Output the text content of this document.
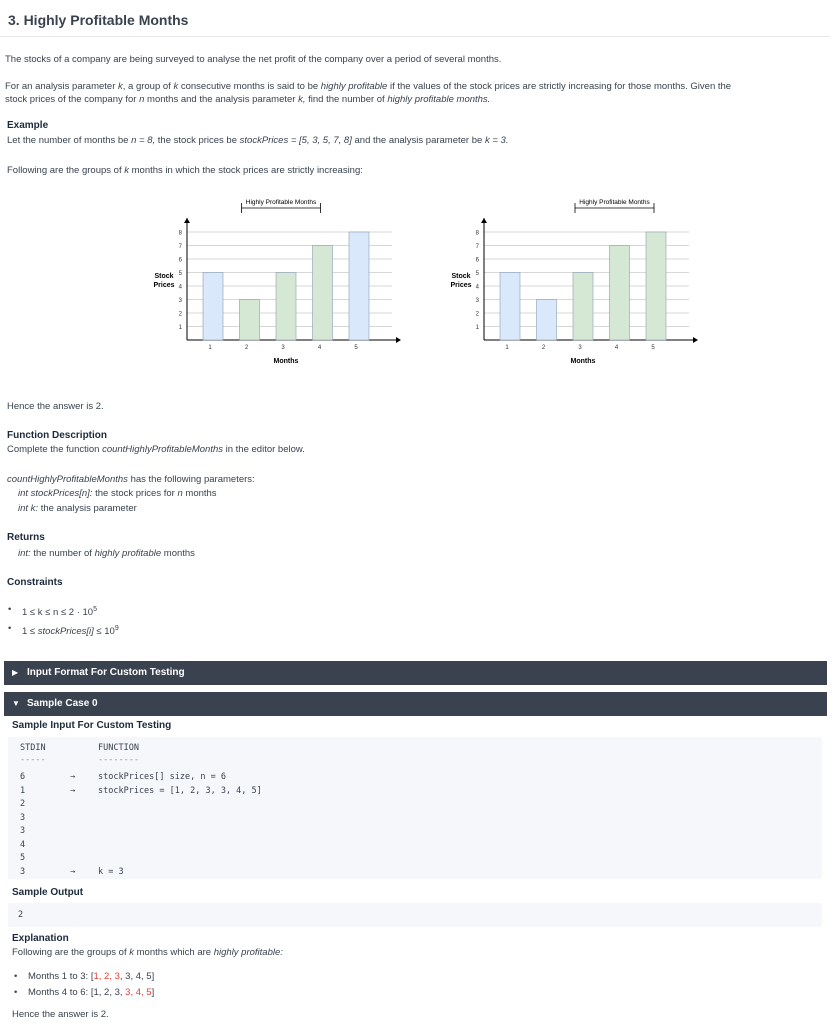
3. Highly Profitable Months
The stocks of a company are being surveyed to analyse the net profit of the company over a period of several months.
For an analysis parameter k, a group of k consecutive months is said to be highly profitable if the values of the stock prices are strictly increasing for those months. Given the
stock prices of the company for n months and the analysis parameter k, find the number of highly profitable months.
Example
Let the number of months be n = 8, the stock prices be stockPrices = [5, 3, 5, 7, 8] and the analysis parameter be k = 3.
Following are the groups of k months in which the stock prices are strictly increasing:
1
2
3
4
5
6
7
8
Stock
Prices
1	2	3	4	5
Months
Highly Profitable Months
1
2
3
4
5
6
7
8
Stock
Prices
1	2	3	4	5
Months
Highly Profitable Months
Hence the answer is 2.
Function Description
Complete the function countHighlyProfitableMonths in the editor below.
countHighlyProfitableMonths has the following parameters:
int stockPrices[n]: the stock prices for n months
int k: the analysis parameter
Returns
int: the number of highly profitable months
Constraints
• $1 \le k \le n \le 2 \cdot 10^5$
• 1 ≤ stockPrices[i] ≤ $10^9$
▶ Input Format For Custom Testing
▼ Sample Case 0
Sample Input For Custom Testing
STDIN	FUNCTION
-----	--------
6	→	stockPrices[] size, n = 6
1	→	stockPrices = [1, 2, 3, 3, 4, 5]
2
3
3
4
5
3	→	k = 3
Sample Output
2
Explanation
Following are the groups of k months which are highly profitable:
• Months 1 to 3: [1, 2, 3, 3, 4, 5]
• Months 4 to 6: [1, 2, 3, 3, 4, 5]
Hence the answer is 2.
